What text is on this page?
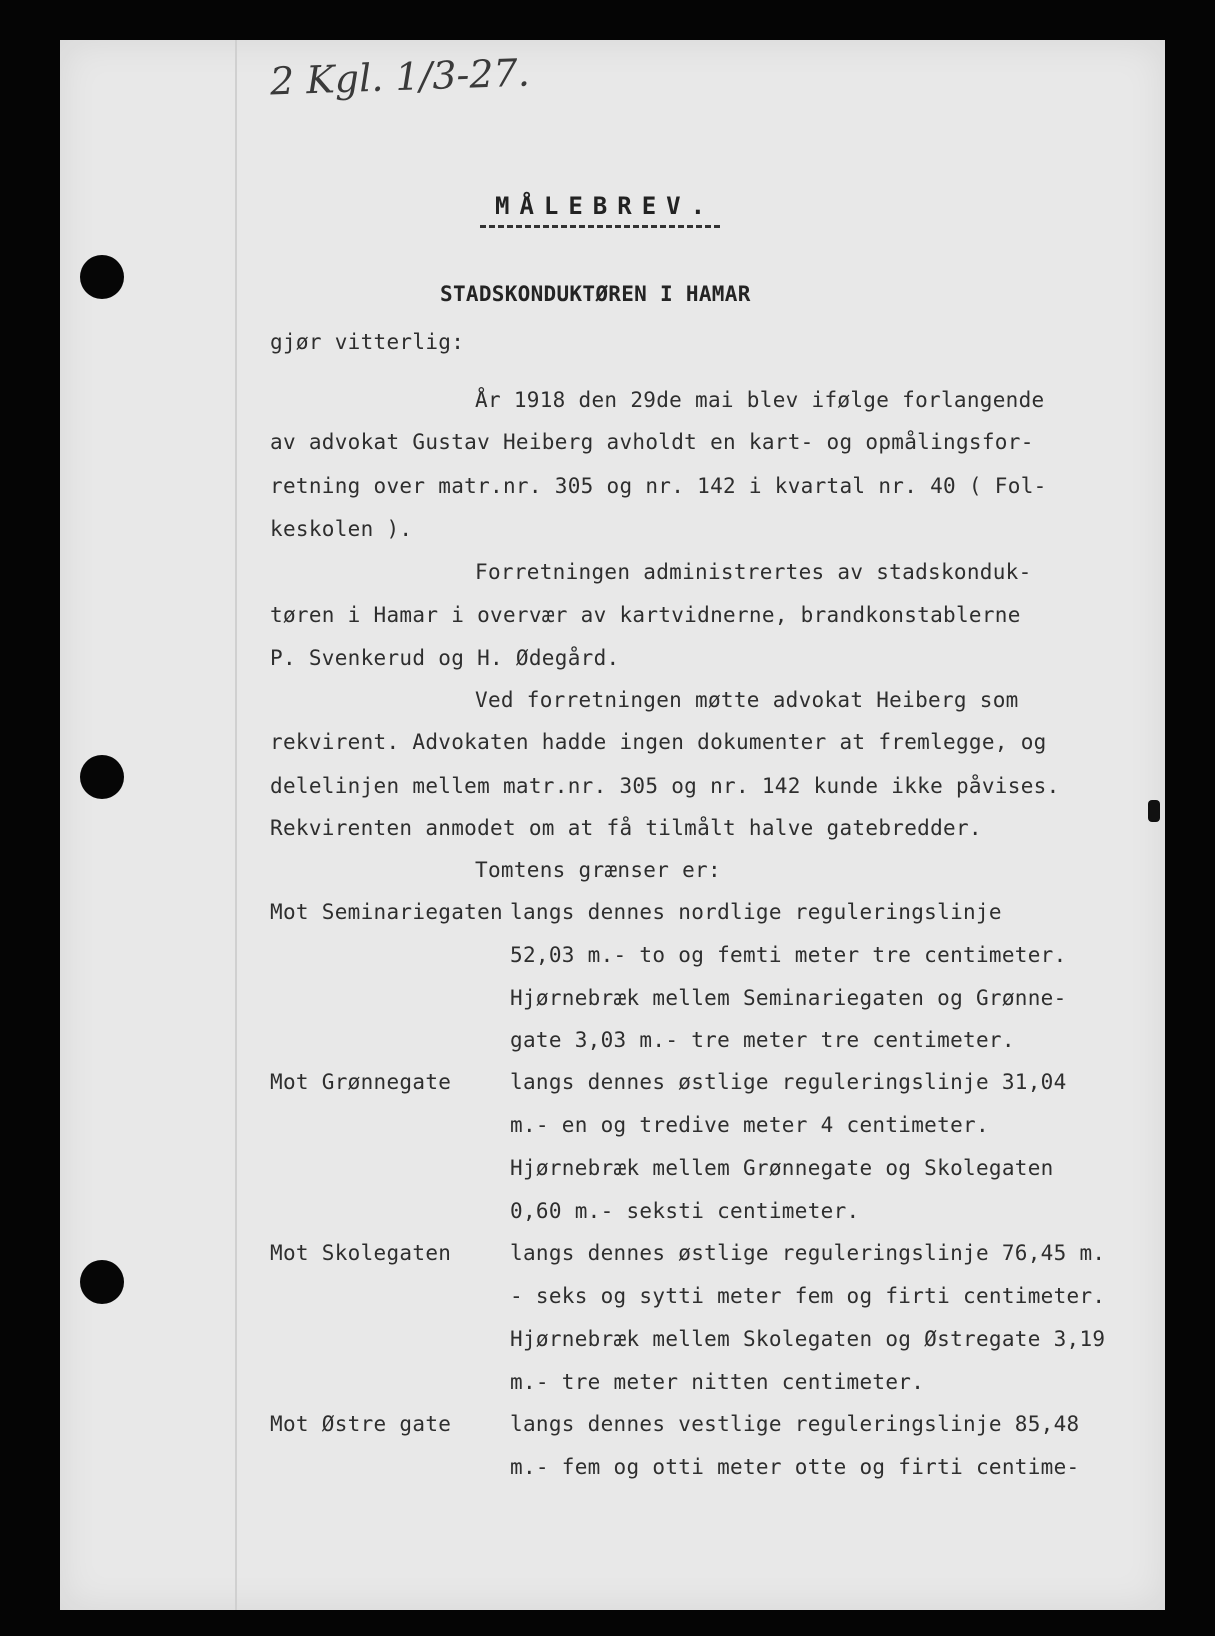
2 Kgl. 1/3-27.
MÅLEBREV.
STADSKONDUKTØREN I HAMAR
gjør vitterlig:
År 1918 den 29de mai blev ifølge forlangende
av advokat Gustav Heiberg avholdt en kart- og opmålingsfor-
retning over matr.nr. 305 og nr. 142 i kvartal nr. 40 ( Fol-
keskolen ).
Forretningen administrertes av stadskonduk-
tøren i Hamar i overvær av kartvidnerne, brandkonstablerne
P. Svenkerud og H. Ødegård.
Ved forretningen møtte advokat Heiberg som
rekvirent. Advokaten hadde ingen dokumenter at fremlegge, og
delelinjen mellem matr.nr. 305 og nr. 142 kunde ikke påvises.
Rekvirenten anmodet om at få tilmålt halve gatebredder.
Tomtens grænser er:
Mot Seminariegaten langs dennes nordlige reguleringslinje
52,03 m.- to og femti meter tre centimeter.
Hjørnebræk mellem Seminariegaten og Grønne-
gate 3,03 m.- tre meter tre centimeter.
Mot Grønnegate	langs dennes østlige reguleringslinje 31,04
m.- en og tredive meter 4 centimeter.
Hjørnebræk mellem Grønnegate og Skolegaten
0,60 m.- seksti centimeter.
Mot Skolegaten	langs dennes østlige reguleringslinje 76,45 m.
- seks og sytti meter fem og firti centimeter.
Hjørnebræk mellem Skolegaten og Østregate 3,19
m.- tre meter nitten centimeter.
Mot Østre gate	langs dennes vestlige reguleringslinje 85,48
m.- fem og otti meter otte og firti centime-
